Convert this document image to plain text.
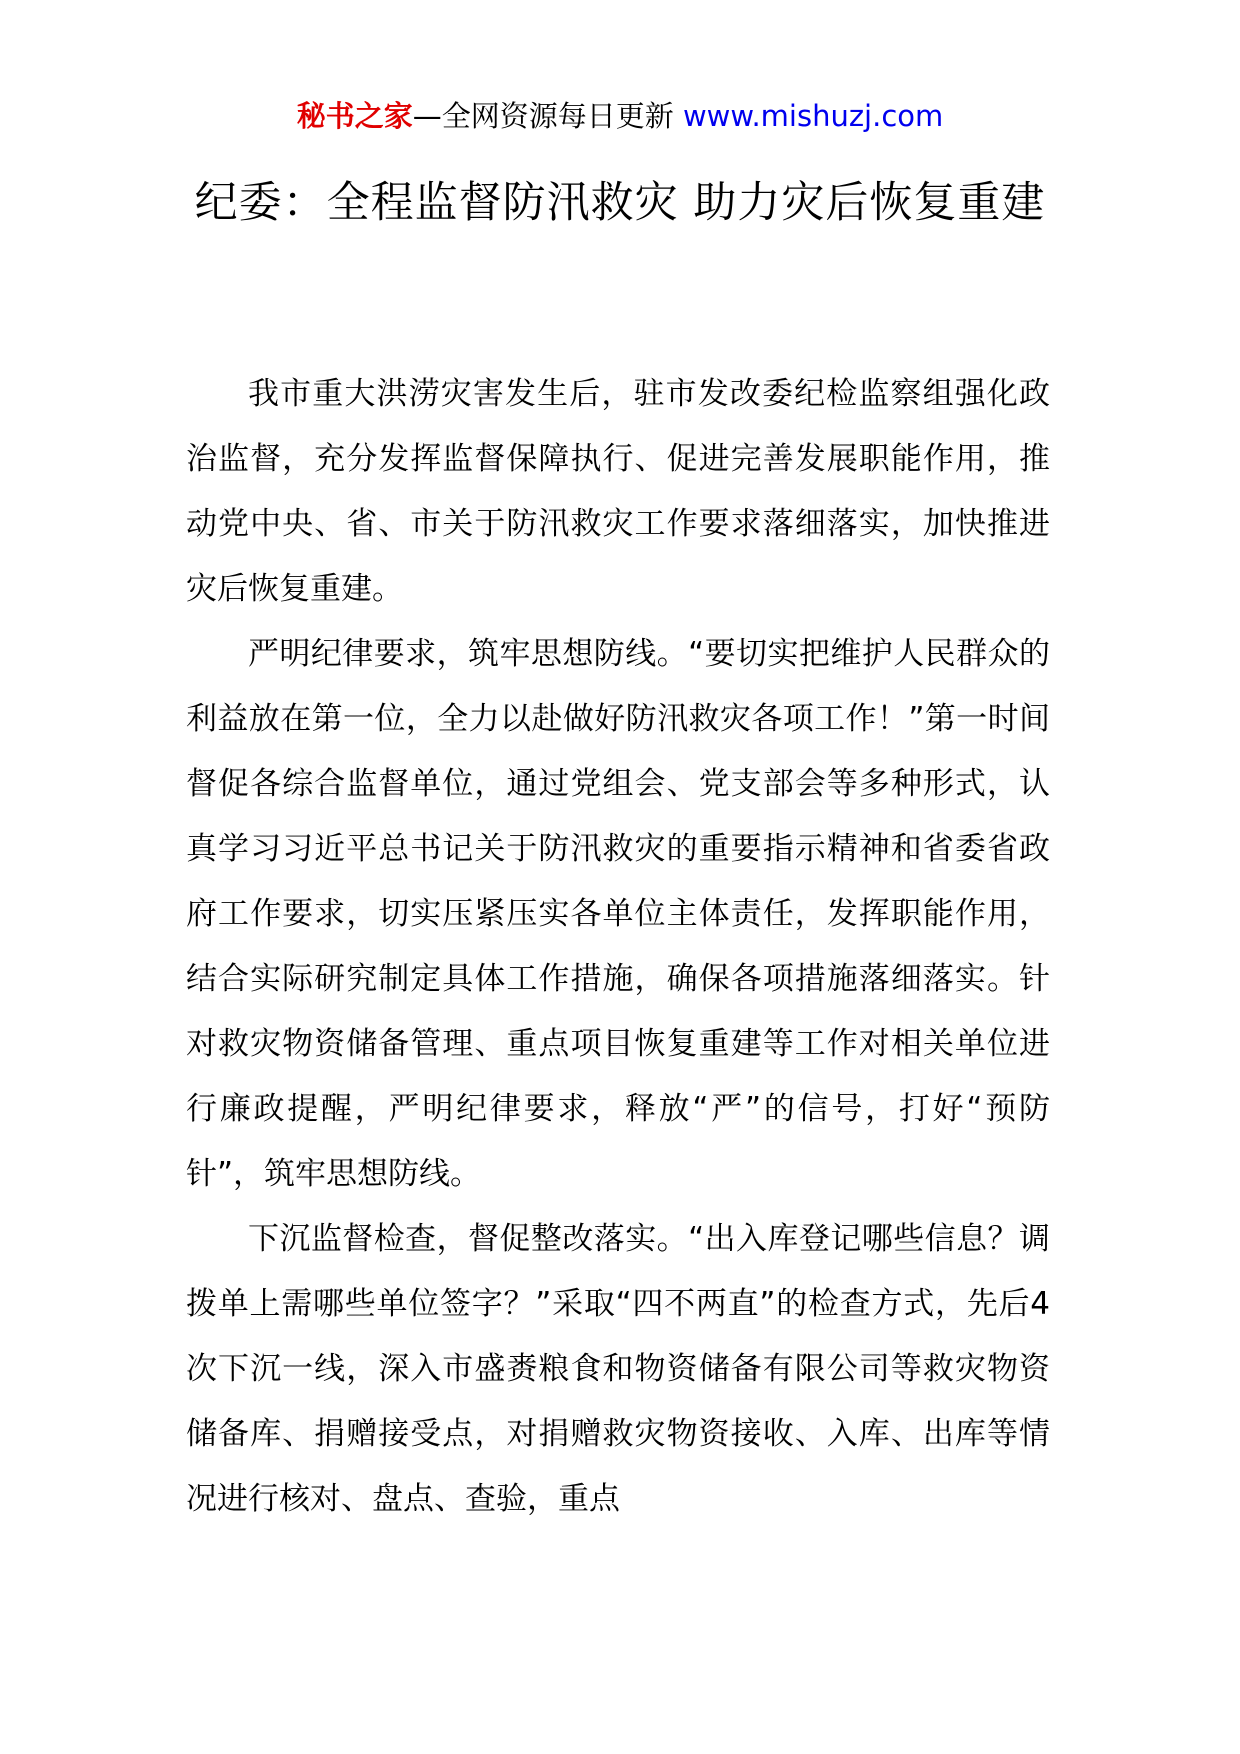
秘书之家—全网资源每日更新 www.mishuzj.com
纪委：全程监督防汛救灾 助力灾后恢复重建

我市重大洪涝灾害发生后，驻市发改委纪检监察组强化政治监督，充分发挥监督保障执行、促进完善发展职能作用，推动党中央、省、市关于防汛救灾工作要求落细落实，加快推进灾后恢复重建。

严明纪律要求，筑牢思想防线。“要切实把维护人民群众的利益放在第一位，全力以赴做好防汛救灾各项工作！”第一时间督促各综合监督单位，通过党组会、党支部会等多种形式，认真学习习近平总书记关于防汛救灾的重要指示精神和省委省政府工作要求，切实压紧压实各单位主体责任，发挥职能作用，结合实际研究制定具体工作措施，确保各项措施落细落实。针对救灾物资储备管理、重点项目恢复重建等工作对相关单位进行廉政提醒，严明纪律要求，释放“严”的信号，打好“预防针”，筑牢思想防线。

下沉监督检查，督促整改落实。“出入库登记哪些信息？调拨单上需哪些单位签字？”采取“四不两直”的检查方式，先后4次下沉一线，深入市盛赉粮食和物资储备有限公司等救灾物资储备库、捐赠接受点，对捐赠救灾物资接收、入库、出库等情况进行核对、盘点、查验，重点
